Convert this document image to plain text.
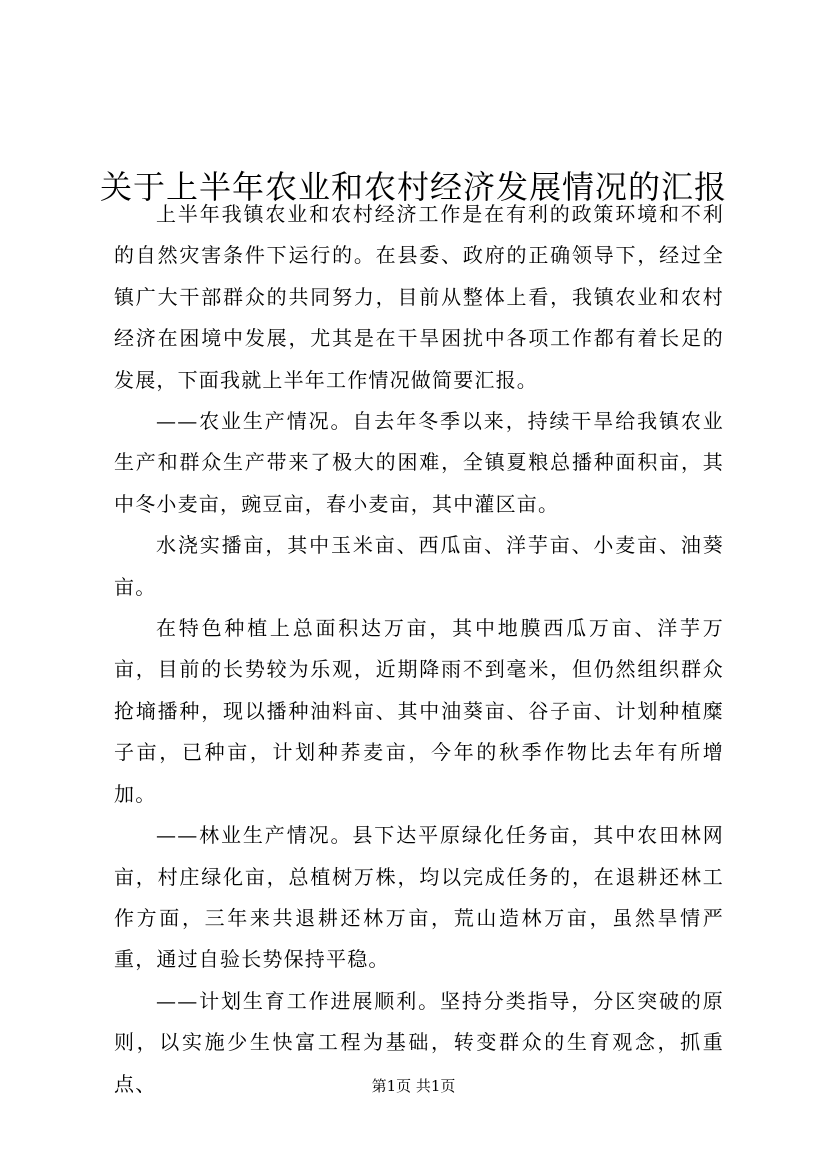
关于上半年农业和农村经济发展情况的汇报

上半年我镇农业和农村经济工作是在有利的政策环境和不利的自然灾害条件下运行的。在县委、政府的正确领导下，经过全镇广大干部群众的共同努力，目前从整体上看，我镇农业和农村经济在困境中发展，尤其是在干旱困扰中各项工作都有着长足的发展，下面我就上半年工作情况做简要汇报。

——农业生产情况。自去年冬季以来，持续干旱给我镇农业生产和群众生产带来了极大的困难，全镇夏粮总播种面积亩，其中冬小麦亩，豌豆亩，春小麦亩，其中灌区亩。

水浇实播亩，其中玉米亩、西瓜亩、洋芋亩、小麦亩、油葵亩。

在特色种植上总面积达万亩，其中地膜西瓜万亩、洋芋万亩，目前的长势较为乐观，近期降雨不到毫米，但仍然组织群众抢墒播种，现以播种油料亩、其中油葵亩、谷子亩、计划种植糜子亩，已种亩，计划种荞麦亩，今年的秋季作物比去年有所增加。

——林业生产情况。县下达平原绿化任务亩，其中农田林网亩，村庄绿化亩，总植树万株，均以完成任务的，在退耕还林工作方面，三年来共退耕还林万亩，荒山造林万亩，虽然旱情严重，通过自验长势保持平稳。

——计划生育工作进展顺利。坚持分类指导，分区突破的原则，以实施少生快富工程为基础，转变群众的生育观念，抓重点、	第1页 共1页
